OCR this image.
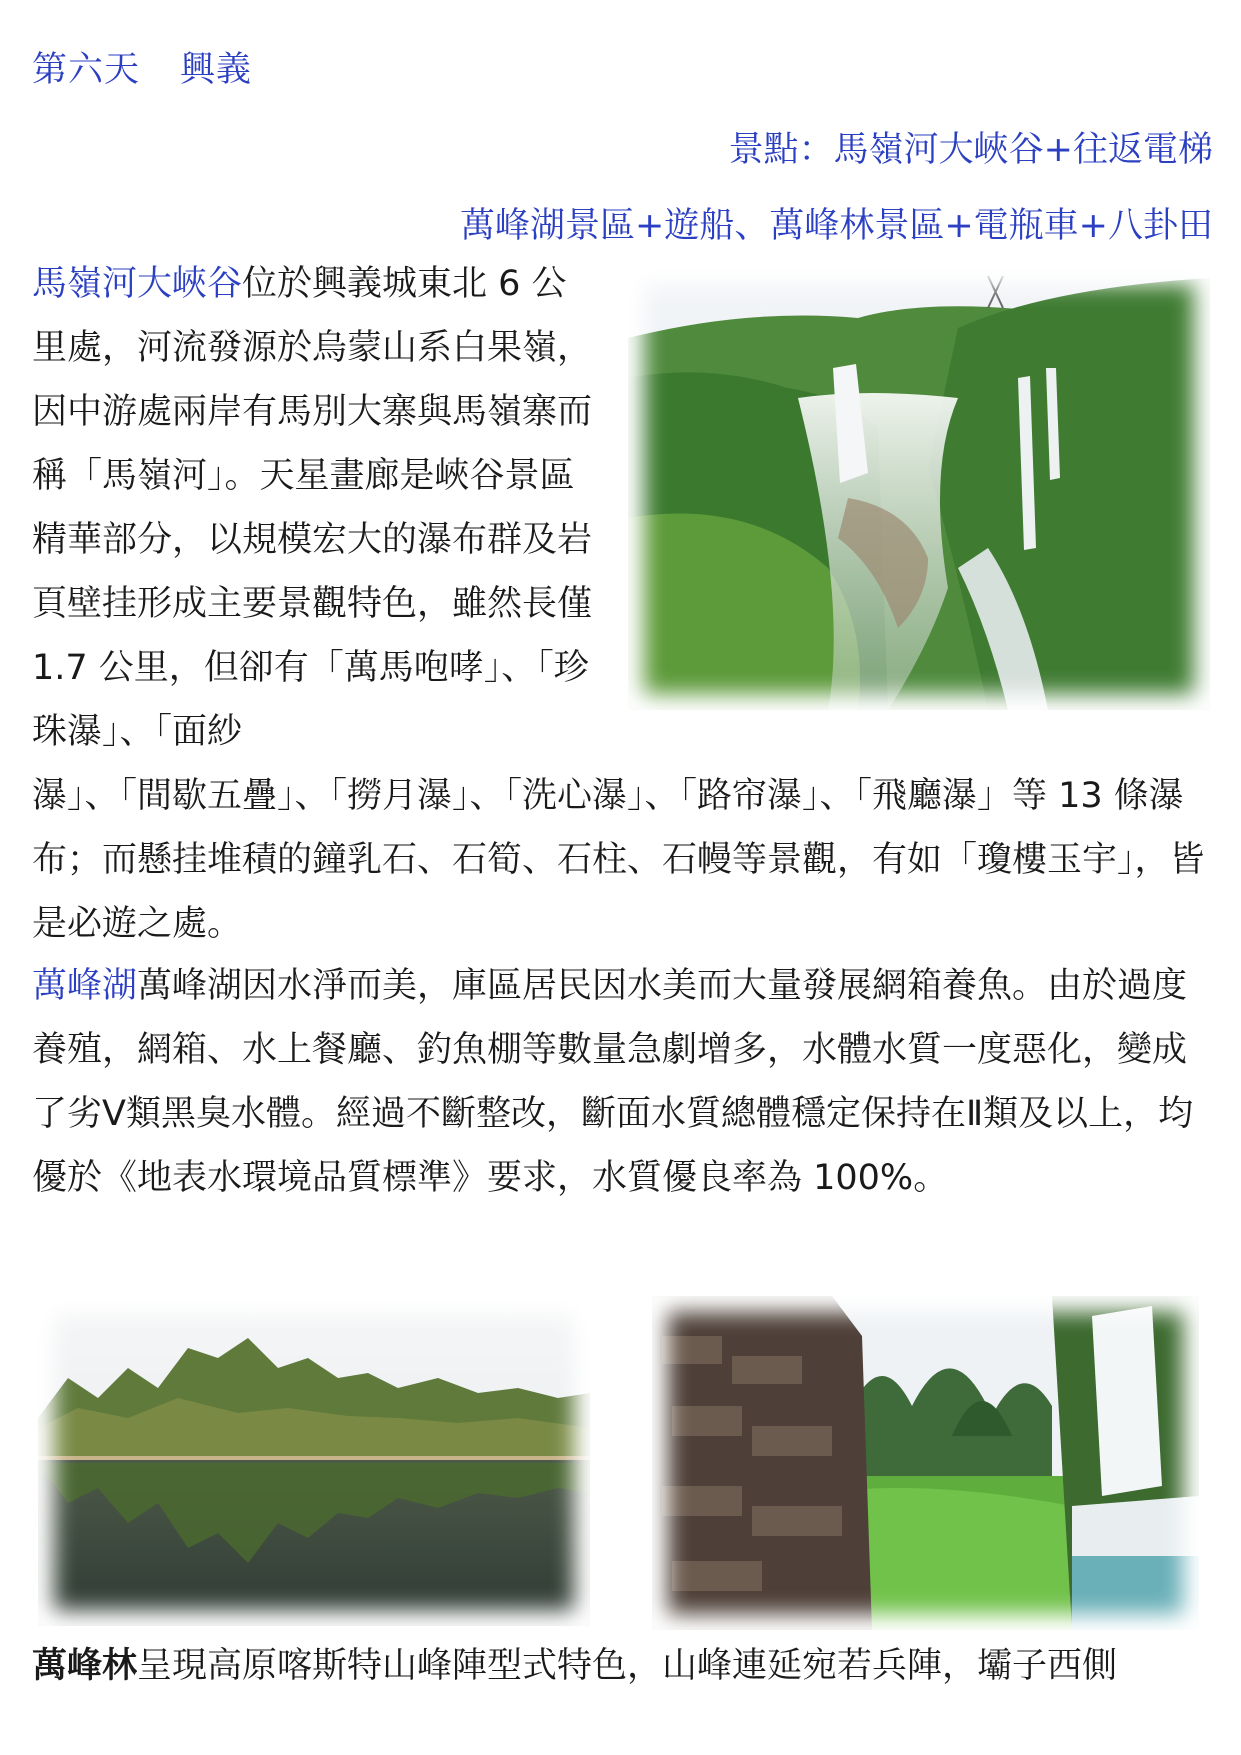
第六天 興義
景點：馬嶺河大峽谷+往返電梯
萬峰湖景區+遊船、萬峰林景區+電瓶車+八卦田
馬嶺河大峽谷位於興義城東北 6 公里處，河流發源於烏蒙山系白果嶺，因中游處兩岸有馬別大寨與馬嶺寨而稱「馬嶺河」。天星畫廊是峽谷景區精華部分，以規模宏大的瀑布群及岩頁壁挂形成主要景觀特色，雖然長僅 1.7 公里，但卻有「萬馬咆哮」、「珍珠瀑」、「面紗
瀑」、「間歇五疊」、「撈月瀑」、「洗心瀑」、「路帘瀑」、「飛廳瀑」等 13 條瀑布；而懸挂堆積的鐘乳石、石筍、石柱、石幔等景觀，有如「瓊樓玉宇」，皆是必遊之處。
萬峰湖萬峰湖因水淨而美，庫區居民因水美而大量發展網箱養魚。由於過度養殖，網箱、水上餐廳、釣魚棚等數量急劇增多，水體水質一度惡化，變成了劣Ⅴ類黑臭水體。經過不斷整改，斷面水質總體穩定保持在Ⅱ類及以上，均優於《地表水環境品質標準》要求，水質優良率為 100%。
萬峰林呈現高原喀斯特山峰陣型式特色，山峰連延宛若兵陣，壩子西側
